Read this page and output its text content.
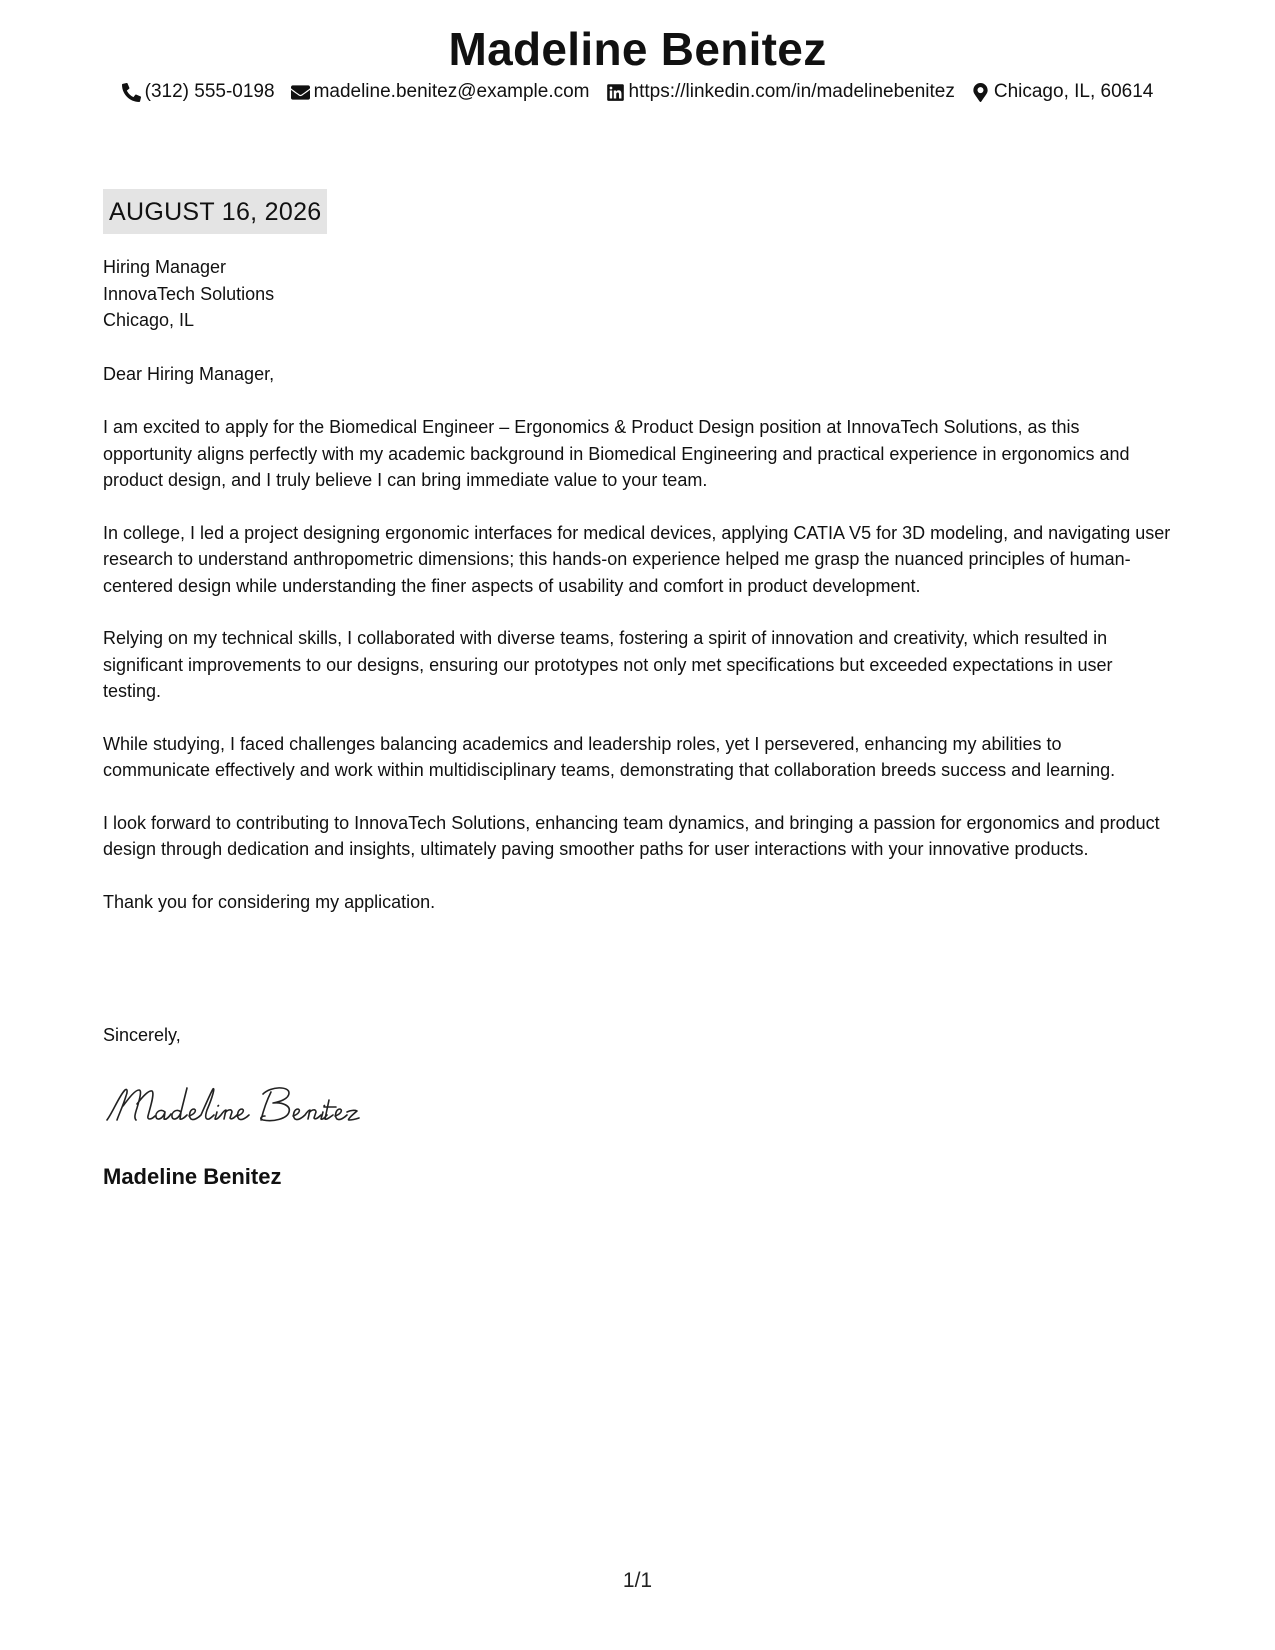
Madeline Benitez
(312) 555-0198 madeline.benitez@example.com https://linkedin.com/in/madelinebenitez Chicago, IL, 60614
AUGUST 16, 2026
Hiring Manager
InnovaTech Solutions
Chicago, IL
Dear Hiring Manager,

I am excited to apply for the Biomedical Engineer – Ergonomics & Product Design position at InnovaTech Solutions, as this opportunity aligns perfectly with my academic background in Biomedical Engineering and practical experience in ergonomics and product design, and I truly believe I can bring immediate value to your team.

In college, I led a project designing ergonomic interfaces for medical devices, applying CATIA V5 for 3D modeling, and navigating user research to understand anthropometric dimensions; this hands-on experience helped me grasp the nuanced principles of human-centered design while understanding the finer aspects of usability and comfort in product development.

Relying on my technical skills, I collaborated with diverse teams, fostering a spirit of innovation and creativity, which resulted in significant improvements to our designs, ensuring our prototypes not only met specifications but exceeded expectations in user testing.

While studying, I faced challenges balancing academics and leadership roles, yet I persevered, enhancing my abilities to communicate effectively and work within multidisciplinary teams, demonstrating that collaboration breeds success and learning.

I look forward to contributing to InnovaTech Solutions, enhancing team dynamics, and bringing a passion for ergonomics and product design through dedication and insights, ultimately paving smoother paths for user interactions with your innovative products.

Thank you for considering my application.

Sincerely,
Madeline Benitez
1/1
